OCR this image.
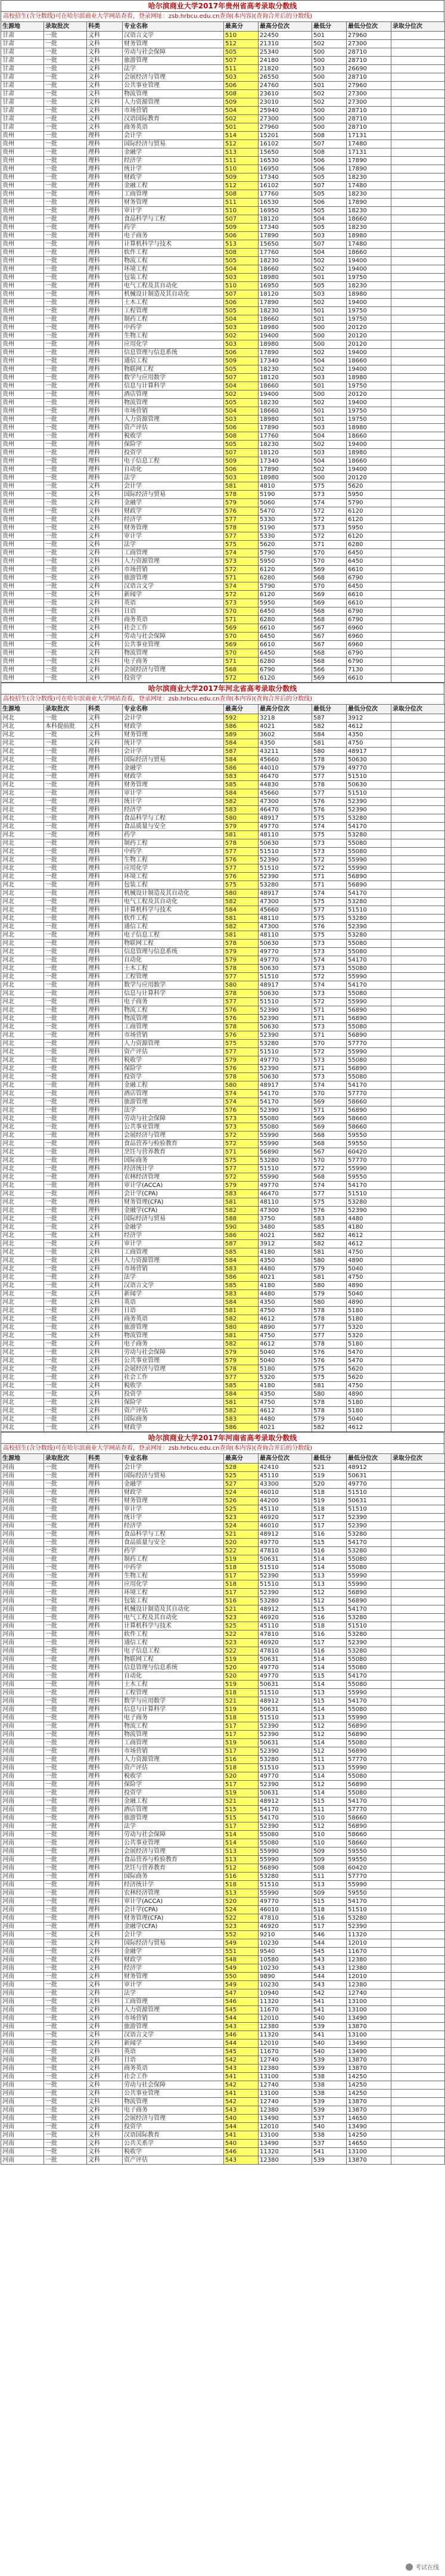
哈尔滨商业大学2017年贵州省高考录取分数线
高校招生(含分数线)可在哈尔滨商业大学网站查看，登录网址：zsb.hrbcu.edu.cn查询(本内容)(查询合并后的分数线)
生源地	录取批次	科类	专业名称	最高分	最高分位次	最低分	最低分位次	录取分位次
甘肃	一批	文科	汉语言文学	510	22450	501	27960	
甘肃	一批	文科	财务管理	512	21310	502	27300	
甘肃	一批	文科	劳动与社会保障	505	25340	500	28710	
甘肃	一批	文科	旅游管理	507	24180	500	28710	
甘肃	一批	文科	法学	511	21820	503	26690	
甘肃	一批	文科	会展经济与管理	503	26550	500	28710	
甘肃	一批	文科	公共事业管理	506	24760	501	27960	
甘肃	一批	文科	物流管理	508	23610	502	27300	
甘肃	一批	文科	人力资源管理	509	23010	502	27300	
甘肃	一批	文科	市场营销	504	25940	500	28710	
甘肃	一批	文科	汉语国际教育	502	27300	500	28710	
甘肃	一批	文科	商务英语	501	27960	500	28710	
贵州	一批	理科	会计学	514	15201	508	17131	
贵州	一批	理科	国际经济与贸易	512	16102	507	17480	
贵州	一批	理科	金融学	513	15650	508	17131	
贵州	一批	理科	经济学	511	16530	506	17890	
贵州	一批	理科	统计学	510	16950	506	17890	
贵州	一批	理科	财政学	509	17340	505	18230	
贵州	一批	理科	金融工程	512	16102	507	17480	
贵州	一批	理科	工商管理	508	17760	505	18230	
贵州	一批	理科	财务管理	511	16530	506	17890	
贵州	一批	理科	审计学	510	16950	505	18230	
贵州	一批	理科	食品科学与工程	507	18120	504	18660	
贵州	一批	理科	药学	509	17340	505	18230	
贵州	一批	理科	电子商务	506	17890	503	18980	
贵州	一批	理科	计算机科学与技术	513	15650	507	17480	
贵州	一批	理科	软件工程	508	17760	504	18660	
贵州	一批	理科	物流工程	505	18230	502	19400	
贵州	一批	理科	环境工程	504	18660	502	19400	
贵州	一批	理科	包装工程	503	18980	501	19750	
贵州	一批	理科	电气工程及其自动化	510	16950	505	18230	
贵州	一批	理科	机械设计制造及其自动化	507	18120	503	18980	
贵州	一批	理科	土木工程	506	17890	502	19400	
贵州	一批	理科	工程管理	505	18230	501	19750	
贵州	一批	理科	制药工程	504	18660	501	19750	
贵州	一批	理科	中药学	503	18980	500	20120	
贵州	一批	理科	生物工程	502	19400	500	20120	
贵州	一批	理科	应用化学	503	18980	500	20120	
贵州	一批	理科	信息管理与信息系统	506	17890	502	19400	
贵州	一批	理科	通信工程	509	17340	504	18660	
贵州	一批	理科	物联网工程	505	18230	502	19400	
贵州	一批	理科	数学与应用数学	507	18120	503	18980	
贵州	一批	理科	信息与计算科学	504	18660	501	19750	
贵州	一批	理科	酒店管理	502	19400	500	20120	
贵州	一批	理科	物流管理	505	18230	502	19400	
贵州	一批	理科	市场营销	504	18660	501	19750	
贵州	一批	理科	人力资源管理	503	18980	501	19750	
贵州	一批	理科	资产评估	506	17890	503	18980	
贵州	一批	理科	税收学	508	17760	504	18660	
贵州	一批	理科	保险学	505	18230	502	19400	
贵州	一批	理科	投资学	507	18120	503	18980	
贵州	一批	理科	电子信息工程	509	17340	504	18660	
贵州	一批	理科	自动化	506	17890	502	19400	
贵州	一批	理科	法学	503	18980	500	20120	
贵州	一批	文科	会计学	581	4810	575	5620	
贵州	一批	文科	国际经济与贸易	578	5190	573	5950	
贵州	一批	文科	金融学	579	5060	574	5790	
贵州	一批	文科	财政学	576	5470	572	6120	
贵州	一批	文科	经济学	577	5330	572	6120	
贵州	一批	文科	财务管理	578	5190	573	5950	
贵州	一批	文科	审计学	577	5330	572	6120	
贵州	一批	文科	法学	575	5620	571	6280	
贵州	一批	文科	工商管理	574	5790	570	6450	
贵州	一批	文科	人力资源管理	573	5950	570	6450	
贵州	一批	文科	市场营销	572	6120	569	6610	
贵州	一批	文科	旅游管理	571	6280	568	6790	
贵州	一批	文科	汉语言文学	574	5790	570	6450	
贵州	一批	文科	新闻学	572	6120	569	6610	
贵州	一批	文科	英语	573	5950	569	6610	
贵州	一批	文科	日语	570	6450	568	6790	
贵州	一批	文科	商务英语	571	6280	568	6790	
贵州	一批	文科	社会工作	569	6610	567	6960	
贵州	一批	文科	劳动与社会保障	570	6450	567	6960	
贵州	一批	文科	公共事业管理	569	6610	567	6960	
贵州	一批	文科	物流管理	570	6450	568	6790	
贵州	一批	文科	电子商务	571	6280	568	6790	
贵州	一批	文科	会展经济与管理	568	6790	566	7130	
贵州	一批	文科	投资学	572	6120	569	6610	
哈尔滨商业大学2017年河北省高考录取分数线
高校招生(含分数线)可在哈尔滨商业大学网站查看，登录网址：zsb.hrbcu.edu.cn查询(本内容)(查询合并后的分数线)
生源地	录取批次	科类	专业名称	最高分	最高分位次	最低分	最低分位次	录取分位次
河北	一批	文科	会计学	592	3218	587	3912	
河北	本科提前批	文科	财政学	586	4021	582	4612	
河北	一批	文科	财务管理	589	3602	584	4350	
河北	一批	文科	统计学	584	4350	581	4750	
河北	一批	理科	会计学	587	43211	580	48917	
河北	一批	理科	国际经济与贸易	584	45660	578	50630	
河北	一批	理科	金融学	586	44010	579	49770	
河北	一批	理科	财政学	583	46470	577	51510	
河北	一批	理科	财务管理	585	44830	578	50630	
河北	一批	理科	审计学	584	45660	577	51510	
河北	一批	理科	统计学	582	47300	576	52390	
河北	一批	理科	经济学	583	46470	576	52390	
河北	一批	理科	食品科学与工程	580	48917	575	53280	
河北	一批	理科	食品质量与安全	579	49770	574	54170	
河北	一批	理科	药学	581	48110	575	53280	
河北	一批	理科	制药工程	578	50630	573	55080	
河北	一批	理科	中药学	577	51510	573	55080	
河北	一批	理科	生物工程	576	52390	572	55990	
河北	一批	理科	应用化学	577	51510	572	55990	
河北	一批	理科	环境工程	576	52390	571	56890	
河北	一批	理科	包装工程	575	53280	571	56890	
河北	一批	理科	机械设计制造及其自动化	580	48917	574	54170	
河北	一批	理科	电气工程及其自动化	582	47300	575	53280	
河北	一批	理科	计算机科学与技术	584	45660	577	51510	
河北	一批	理科	软件工程	581	48110	575	53280	
河北	一批	理科	通信工程	582	47300	576	52390	
河北	一批	理科	电子信息工程	581	48110	575	53280	
河北	一批	理科	物联网工程	578	50630	573	55080	
河北	一批	理科	信息管理与信息系统	579	49770	573	55080	
河北	一批	理科	自动化	579	49770	574	54170	
河北	一批	理科	土木工程	578	50630	573	55080	
河北	一批	理科	工程管理	577	51510	572	55990	
河北	一批	理科	数学与应用数学	580	48917	574	54170	
河北	一批	理科	信息与计算科学	578	50630	573	55080	
河北	一批	理科	电子商务	577	51510	572	55990	
河北	一批	理科	物流工程	576	52390	571	56890	
河北	一批	理科	物流管理	576	52390	571	56890	
河北	一批	理科	工商管理	578	50630	573	55080	
河北	一批	理科	市场营销	576	52390	571	56890	
河北	一批	理科	人力资源管理	575	53280	570	57770	
河北	一批	理科	资产评估	577	51510	572	55990	
河北	一批	理科	税收学	579	49770	573	55080	
河北	一批	理科	保险学	576	52390	571	56890	
河北	一批	理科	投资学	578	50630	573	55080	
河北	一批	理科	金融工程	580	48917	574	54170	
河北	一批	理科	酒店管理	574	54170	570	57770	
河北	一批	理科	旅游管理	574	54170	569	58660	
河北	一批	理科	法学	576	52390	571	56890	
河北	一批	理科	劳动与社会保障	573	55080	569	58660	
河北	一批	理科	公共事业管理	573	55080	569	58660	
河北	一批	理科	会展经济与管理	572	55990	568	59550	
河北	一批	理科	食品营养与检验教育	572	55990	568	59550	
河北	一批	理科	烹饪与营养教育	571	56890	567	60420	
河北	一批	理科	国际商务	575	53280	570	57770	
河北	一批	理科	经济统计学	577	51510	572	55990	
河北	一批	理科	农林经济管理	572	55990	568	59550	
河北	一批	理科	审计学(ACCA)	579	49770	574	54170	
河北	一批	理科	会计学(CPA)	583	46470	577	51510	
河北	一批	理科	财务管理(CFA)	581	48110	575	53280	
河北	一批	理科	金融学(CFA)	582	47300	576	52390	
河北	一批	文科	国际经济与贸易	588	3750	583	4480	
河北	一批	文科	金融学	590	3480	585	4180	
河北	一批	文科	经济学	586	4021	582	4612	
河北	一批	文科	审计学	587	3912	582	4612	
河北	一批	文科	工商管理	585	4180	581	4750	
河北	一批	文科	人力资源管理	584	4350	580	4890	
河北	一批	文科	市场营销	583	4480	579	5040	
河北	一批	文科	法学	586	4021	581	4750	
河北	一批	文科	汉语言文学	585	4180	580	4890	
河北	一批	文科	新闻学	583	4480	579	5040	
河北	一批	文科	英语	584	4350	580	4890	
河北	一批	文科	日语	581	4750	578	5180	
河北	一批	文科	商务英语	582	4612	578	5180	
河北	一批	文科	旅游管理	580	4890	577	5320	
河北	一批	文科	物流管理	581	4750	577	5320	
河北	一批	文科	电子商务	582	4612	578	5180	
河北	一批	文科	劳动与社会保障	579	5040	576	5470	
河北	一批	文科	公共事业管理	579	5040	576	5470	
河北	一批	文科	会展经济与管理	578	5180	575	5620	
河北	一批	文科	社会工作	577	5320	575	5620	
河北	一批	文科	税收学	585	4180	581	4750	
河北	一批	文科	投资学	584	4350	580	4890	
河北	一批	文科	保险学	581	4750	578	5180	
河北	一批	文科	资产评估	582	4612	578	5180	
河北	一批	文科	国际商务	583	4480	579	5040	
河北	一批	文科	财政学	586	4021	582	4612	
哈尔滨商业大学2017年河南省高考录取分数线
高校招生(含分数线)可在哈尔滨商业大学网站查看，登录网址：zsb.hrbcu.edu.cn查询(本内容)(查询合并后的分数线)
生源地	录取批次	科类	专业名称	最高分	最高分位次	最低分	最低分位次	录取分位次
河南	一批	理科	会计学	528	42410	521	48912	
河南	一批	理科	国际经济与贸易	525	45110	519	50631	
河南	一批	理科	金融学	527	43300	520	49770	
河南	一批	理科	财政学	524	46010	518	51510	
河南	一批	理科	财务管理	526	44200	519	50631	
河南	一批	理科	审计学	525	45110	518	51510	
河南	一批	理科	统计学	523	46920	517	52390	
河南	一批	理科	经济学	524	46010	517	52390	
河南	一批	理科	食品科学与工程	521	48912	516	53280	
河南	一批	理科	食品质量与安全	520	49770	515	54170	
河南	一批	理科	药学	522	47810	516	53280	
河南	一批	理科	制药工程	519	50631	514	55080	
河南	一批	理科	中药学	518	51510	514	55080	
河南	一批	理科	生物工程	517	52390	513	55990	
河南	一批	理科	应用化学	518	51510	513	55990	
河南	一批	理科	环境工程	517	52390	512	56890	
河南	一批	理科	包装工程	516	53280	512	56890	
河南	一批	理科	机械设计制造及其自动化	521	48912	515	54170	
河南	一批	理科	电气工程及其自动化	523	46920	516	53280	
河南	一批	理科	计算机科学与技术	525	45110	518	51510	
河南	一批	理科	软件工程	522	47810	516	53280	
河南	一批	理科	通信工程	523	46920	517	52390	
河南	一批	理科	电子信息工程	522	47810	516	53280	
河南	一批	理科	物联网工程	519	50631	514	55080	
河南	一批	理科	信息管理与信息系统	520	49770	514	55080	
河南	一批	理科	自动化	520	49770	515	54170	
河南	一批	理科	土木工程	519	50631	514	55080	
河南	一批	理科	工程管理	518	51510	513	55990	
河南	一批	理科	数学与应用数学	521	48912	515	54170	
河南	一批	理科	信息与计算科学	519	50631	514	55080	
河南	一批	理科	电子商务	518	51510	513	55990	
河南	一批	理科	物流工程	517	52390	512	56890	
河南	一批	理科	物流管理	517	52390	512	56890	
河南	一批	理科	工商管理	519	50631	514	55080	
河南	一批	理科	市场营销	517	52390	512	56890	
河南	一批	理科	人力资源管理	516	53280	511	57770	
河南	一批	理科	资产评估	518	51510	513	55990	
河南	一批	理科	税收学	520	49770	514	55080	
河南	一批	理科	保险学	517	52390	512	56890	
河南	一批	理科	投资学	519	50631	514	55080	
河南	一批	理科	金融工程	521	48912	515	54170	
河南	一批	理科	酒店管理	515	54170	511	57770	
河南	一批	理科	旅游管理	515	54170	510	58660	
河南	一批	理科	法学	517	52390	512	56890	
河南	一批	理科	劳动与社会保障	514	55080	510	58660	
河南	一批	理科	公共事业管理	514	55080	510	58660	
河南	一批	理科	会展经济与管理	513	55990	509	59550	
河南	一批	理科	食品营养与检验教育	513	55990	509	59550	
河南	一批	理科	烹饪与营养教育	512	56890	508	60420	
河南	一批	理科	国际商务	516	53280	511	57770	
河南	一批	理科	经济统计学	518	51510	513	55990	
河南	一批	理科	农林经济管理	513	55990	509	59550	
河南	一批	理科	审计学(ACCA)	520	49770	515	54170	
河南	一批	理科	会计学(CPA)	524	46010	518	51510	
河南	一批	理科	财务管理(CFA)	522	47810	516	53280	
河南	一批	理科	金融学(CFA)	523	46920	517	52390	
河南	一批	文科	会计学	552	9210	546	11320	
河南	一批	文科	国际经济与贸易	549	10230	544	12010	
河南	一批	文科	金融学	551	9540	545	11670	
河南	一批	文科	财政学	548	10580	543	12380	
河南	一批	文科	经济学	549	10230	543	12380	
河南	一批	文科	财务管理	550	9890	544	12010	
河南	一批	文科	审计学	549	10230	543	12380	
河南	一批	文科	法学	547	10940	542	12740	
河南	一批	文科	工商管理	546	11320	541	13100	
河南	一批	文科	人力资源管理	545	11670	541	13100	
河南	一批	文科	市场营销	544	12010	540	13490	
河南	一批	文科	旅游管理	543	12380	539	13870	
河南	一批	文科	汉语言文学	546	11320	541	13100	
河南	一批	文科	新闻学	544	12010	540	13490	
河南	一批	文科	英语	545	11670	540	13490	
河南	一批	文科	日语	542	12740	539	13870	
河南	一批	文科	商务英语	543	12380	539	13870	
河南	一批	文科	社会工作	541	13100	538	14250	
河南	一批	文科	劳动与社会保障	542	12740	538	14250	
河南	一批	文科	公共事业管理	541	13100	538	14250	
河南	一批	文科	物流管理	542	12740	539	13870	
河南	一批	文科	电子商务	543	12380	539	13870	
河南	一批	文科	会展经济与管理	540	13490	537	14650	
河南	一批	文科	投资学	544	12010	540	13490	
河南	一批	文科	汉语国际教育	541	13100	538	14250	
河南	一批	文科	公共关系学	540	13490	537	14650	
河南	一批	文科	税收学	546	11320	541	13100	
河南	一批	文科	资产评估	543	12380	539	13870	
考试在线
